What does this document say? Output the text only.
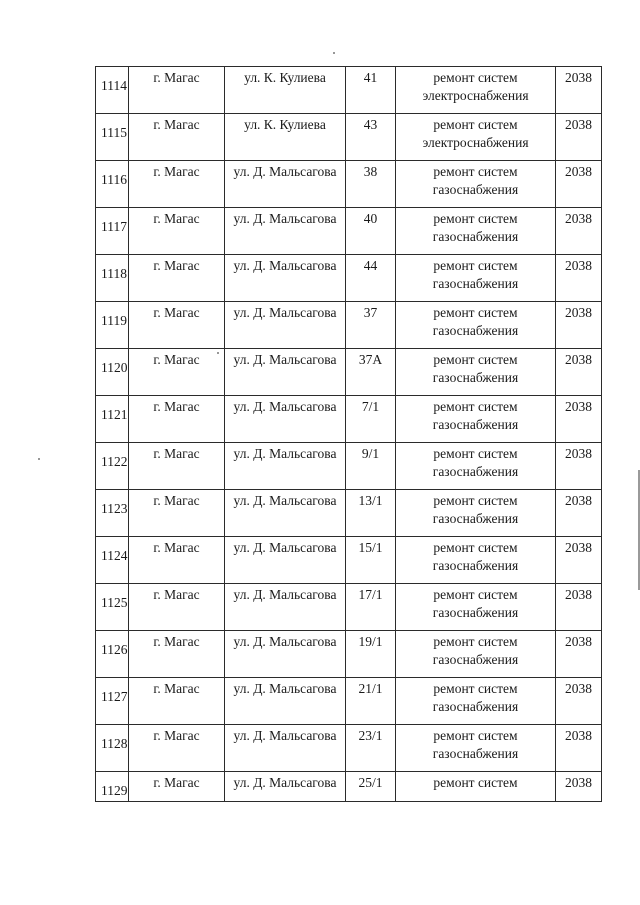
1114	г. Магас	ул. К. Кулиева	41	ремонт систем электроснабжения	2038
1115	г. Магас	ул. К. Кулиева	43	ремонт систем электроснабжения	2038
1116	г. Магас	ул. Д. Мальсагова	38	ремонт систем газоснабжения	2038
1117	г. Магас	ул. Д. Мальсагова	40	ремонт систем газоснабжения	2038
1118	г. Магас	ул. Д. Мальсагова	44	ремонт систем газоснабжения	2038
1119	г. Магас	ул. Д. Мальсагова	37	ремонт систем газоснабжения	2038
1120	г. Магас	ул. Д. Мальсагова	37А	ремонт систем газоснабжения	2038
1121	г. Магас	ул. Д. Мальсагова	7/1	ремонт систем газоснабжения	2038
1122	г. Магас	ул. Д. Мальсагова	9/1	ремонт систем газоснабжения	2038
1123	г. Магас	ул. Д. Мальсагова	13/1	ремонт систем газоснабжения	2038
1124	г. Магас	ул. Д. Мальсагова	15/1	ремонт систем газоснабжения	2038
1125	г. Магас	ул. Д. Мальсагова	17/1	ремонт систем газоснабжения	2038
1126	г. Магас	ул. Д. Мальсагова	19/1	ремонт систем газоснабжения	2038
1127	г. Магас	ул. Д. Мальсагова	21/1	ремонт систем газоснабжения	2038
1128	г. Магас	ул. Д. Мальсагова	23/1	ремонт систем газоснабжения	2038
1129	г. Магас	ул. Д. Мальсагова	25/1	ремонт систем	2038
